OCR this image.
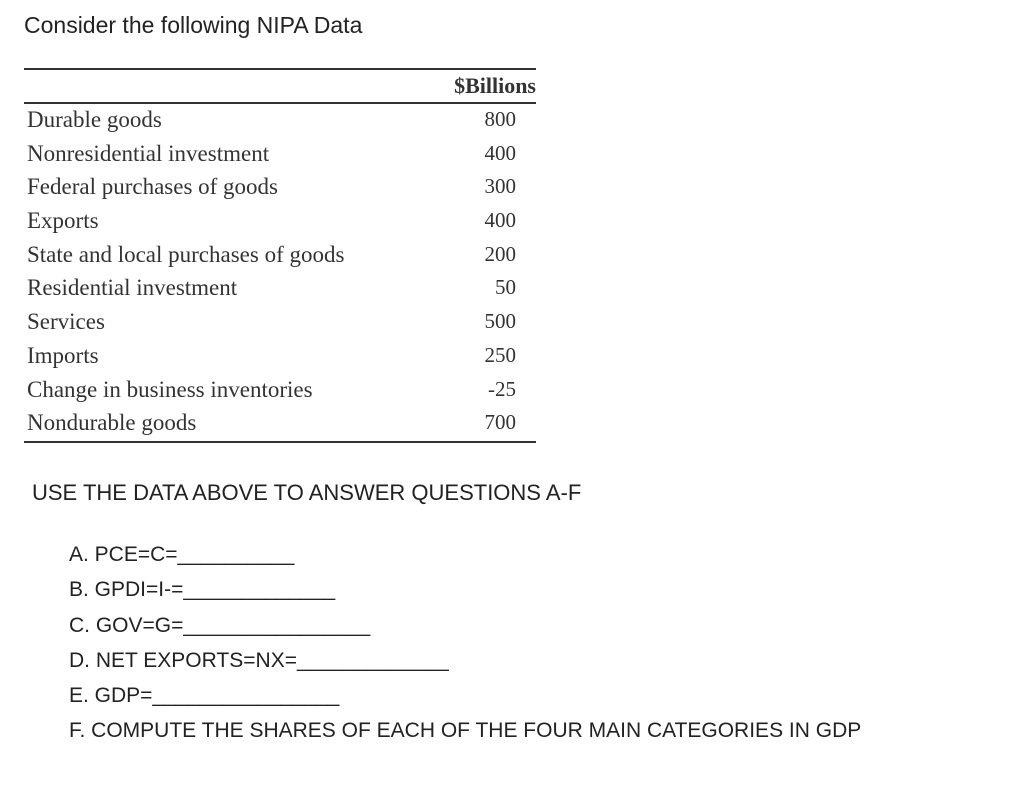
Consider the following NIPA Data
$Billions
Durable goods	800
Nonresidential investment	400
Federal purchases of goods	300
Exports	400
State and local purchases of goods	200
Residential investment	50
Services	500
Imports	250
Change in business inventories	-25
Nondurable goods	700
USE THE DATA ABOVE TO ANSWER QUESTIONS A-F
A. PCE=C=__________
B. GPDI=I-=_____________
C. GOV=G=________________
D. NET EXPORTS=NX=_____________
E. GDP=________________
F. COMPUTE THE SHARES OF EACH OF THE FOUR MAIN CATEGORIES IN GDP
